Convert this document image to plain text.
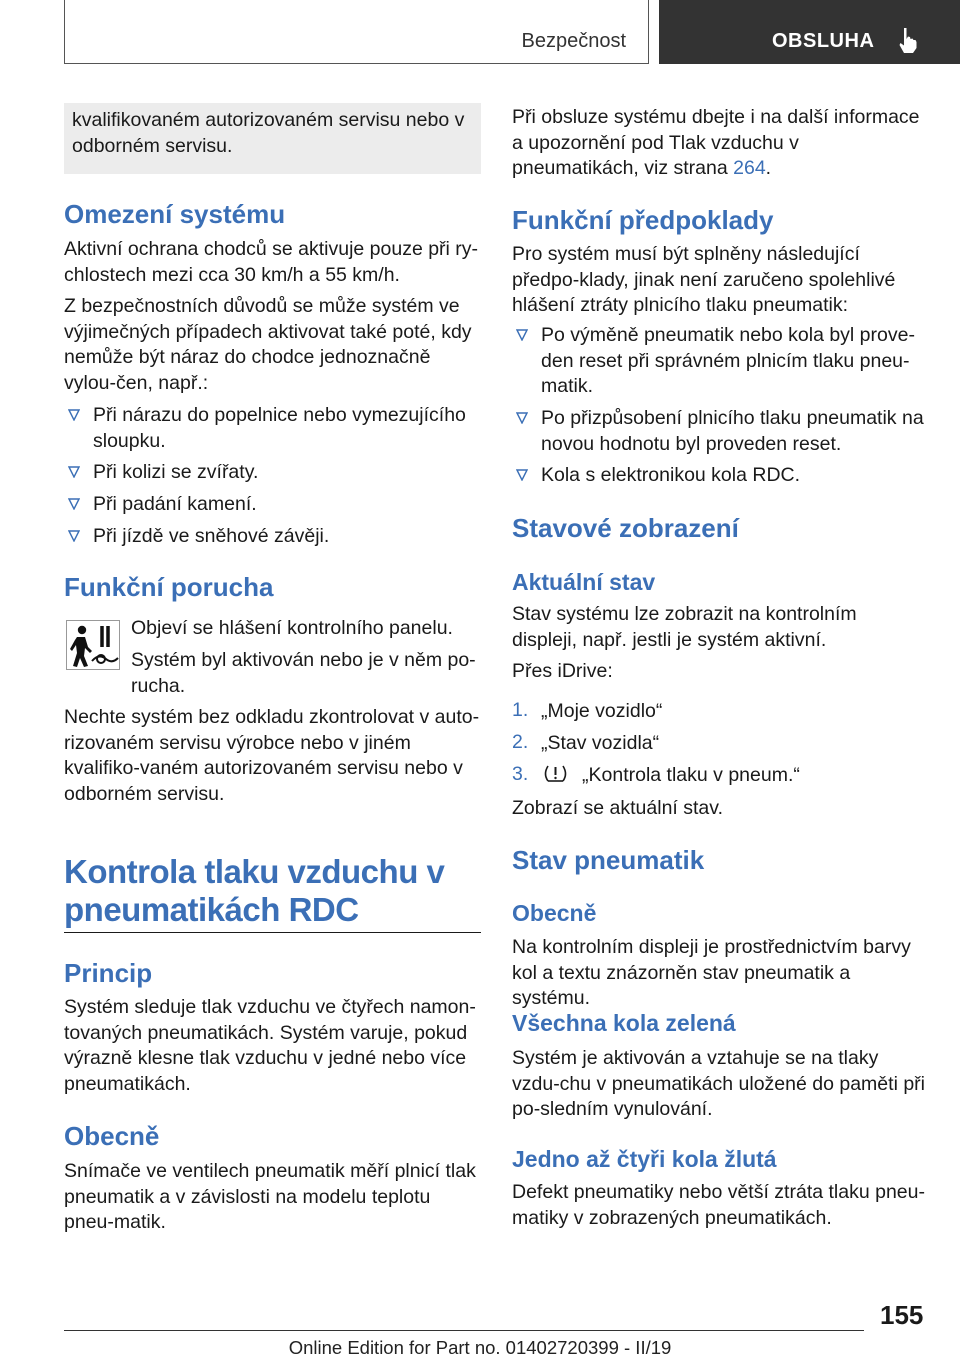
Bezpečnost	OBSLUHA

kvalifikovaném autorizovaném servisu nebo v odborném servisu.

Omezení systému

Aktivní ochrana chodců se aktivuje pouze při ry-chlostech mezi cca 30 km/h a 55 km/h.

Z bezpečnostních důvodů se může systém ve výjimečných případech aktivovat také poté, kdy nemůže být náraz do chodce jednoznačně vylou-čen, např.:

Při nárazu do popelnice nebo vymezujícího sloupku.

Při kolizi se zvířaty.

Při padání kamení.

Při jízdě ve sněhové závěji.

Funkční porucha

Objeví se hlášení kontrolního panelu.

Systém byl aktivován nebo je v něm po-rucha.

Nechte systém bez odkladu zkontrolovat v auto-rizovaném servisu výrobce nebo v jiném kvalifiko-vaném autorizovaném servisu nebo v odborném servisu.

Kontrola tlaku vzduchu v

pneumatikách RDC

Princip

Systém sleduje tlak vzduchu ve čtyřech namon-tovaných pneumatikách. Systém varuje, pokud výrazně klesne tlak vzduchu v jedné nebo více pneumatikách.

Obecně

Snímače ve ventilech pneumatik měří plnicí tlak pneumatik a v závislosti na modelu teplotu pneu-matik.

Při obsluze systému dbejte i na další informace a upozornění pod Tlak vzduchu v pneumatikách, viz strana 264.

Funkční předpoklady

Pro systém musí být splněny následující předpo-klady, jinak není zaručeno spolehlivé hlášení ztráty plnicího tlaku pneumatik:

Po výměně pneumatik nebo kola byl prove-den reset při správném plnicím tlaku pneu-matik.

Po přizpůsobení plnicího tlaku pneumatik na novou hodnotu byl proveden reset.

Kola s elektronikou kola RDC.

Stavové zobrazení
Aktuální stav

Stav systému lze zobrazit na kontrolním displeji, např. jestli je systém aktivní.

Přes iDrive:

1. „Moje vozidlo“

2. „Stav vozidla“

3.	„Kontrola tlaku v pneum.“

Zobrazí se aktuální stav.

Stav pneumatik
Obecně

Na kontrolním displeji je prostřednictvím barvy kol a textu znázorněn stav pneumatik a systému.

Všechna kola zelená

Systém je aktivován a vztahuje se na tlaky vzdu-chu v pneumatikách uložené do paměti při po-sledním vynulování.

Jedno až čtyři kola žlutá

Defekt pneumatiky nebo větší ztráta tlaku pneu-matiky v zobrazených pneumatikách.

155
Online Edition for Part no. 01402720399 - II/19
